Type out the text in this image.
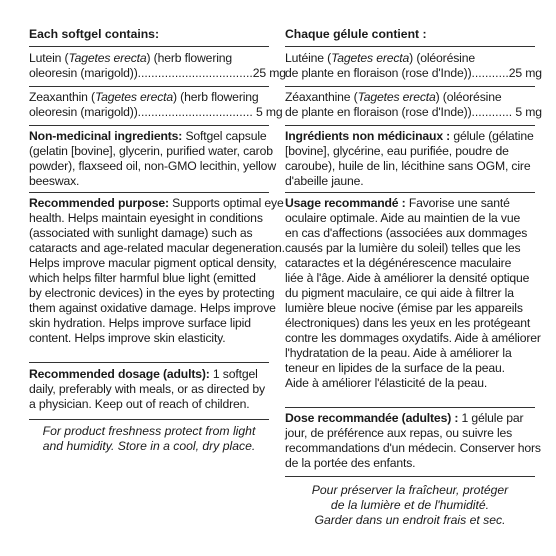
Each softgel contains:
Lutein (Tagetes erecta) (herb flowering
oleoresin (marigold))..................................25 mg
Zeaxanthin (Tagetes erecta) (herb flowering
oleoresin (marigold)).................................. 5 mg
Non-medicinal ingredients: Softgel capsule
(gelatin [bovine], glycerin, purified water, carob
powder), flaxseed oil, non-GMO lecithin, yellow
beeswax.
Recommended purpose: Supports optimal eye
health. Helps maintain eyesight in conditions
(associated with sunlight damage) such as
cataracts and age-related macular degeneration.
Helps improve macular pigment optical density,
which helps filter harmful blue light (emitted
by electronic devices) in the eyes by protecting
them against oxidative damage. Helps improve
skin hydration. Helps improve surface lipid
content. Helps improve skin elasticity.
Recommended dosage (adults): 1 softgel
daily, preferably with meals, or as directed by
a physician. Keep out of reach of children.
For product freshness protect from light
and humidity. Store in a cool, dry place.
Chaque gélule contient :
Lutéine (Tagetes erecta) (oléorésine
de plante en floraison (rose d'Inde))...........25 mg
Zéaxanthine (Tagetes erecta) (oléorésine
de plante en floraison (rose d'Inde))............ 5 mg
Ingrédients non médicinaux : gélule (gélatine
[bovine], glycérine, eau purifiée, poudre de
caroube), huile de lin, lécithine sans OGM, cire
d'abeille jaune.
Usage recommandé : Favorise une santé
oculaire optimale. Aide au maintien de la vue
en cas d'affections (associées aux dommages
causés par la lumière du soleil) telles que les
cataractes et la dégénérescence maculaire
liée à l'âge. Aide à améliorer la densité optique
du pigment maculaire, ce qui aide à filtrer la
lumière bleue nocive (émise par les appareils
électroniques) dans les yeux en les protégeant
contre les dommages oxydatifs. Aide à améliorer
l'hydratation de la peau. Aide à améliorer la
teneur en lipides de la surface de la peau.
Aide à améliorer l'élasticité de la peau.
Dose recommandée (adultes) : 1 gélule par
jour, de préférence aux repas, ou suivre les
recommandations d'un médecin. Conserver hors
de la portée des enfants.
Pour préserver la fraîcheur, protéger
de la lumière et de l'humidité.
Garder dans un endroit frais et sec.
